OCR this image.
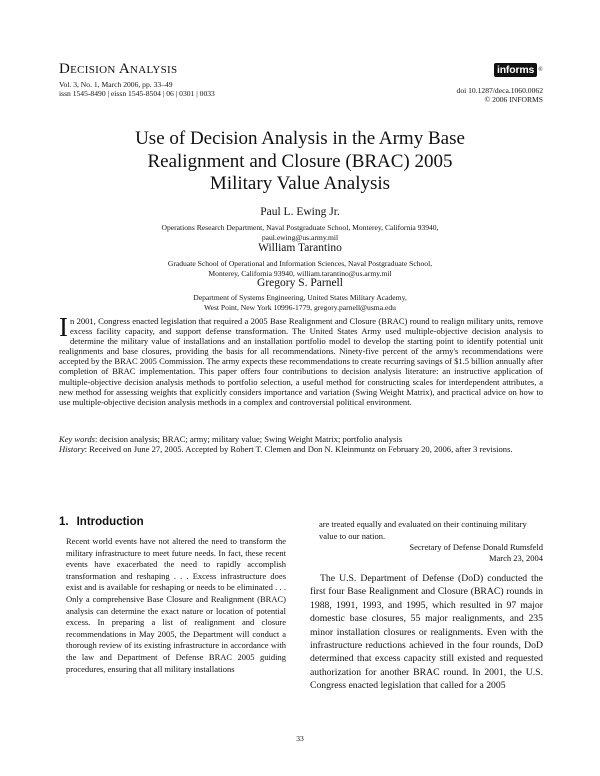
Decision Analysis
Vol. 3, No. 1, March 2006, pp. 33–49
issn 1545-8490 | eissn 1545-8504 | 06 | 0301 | 0033
informs ®
doi 10.1287/deca.1060.0062
© 2006 INFORMS
Use of Decision Analysis in the Army Base
Realignment and Closure (BRAC) 2005
Military Value Analysis
Paul L. Ewing Jr.
Operations Research Department, Naval Postgraduate School, Monterey, California 93940,
paul.ewing@us.army.mil
William Tarantino
Graduate School of Operational and Information Sciences, Naval Postgraduate School,
Monterey, California 93940, william.tarantino@us.army.mil
Gregory S. Parnell
Department of Systems Engineering, United States Military Academy,
West Point, New York 10996-1779, gregory.parnell@usma.edu
In 2001, Congress enacted legislation that required a 2005 Base Realignment and Closure (BRAC) round to realign military units, remove excess facility capacity, and support defense transformation. The United States Army used multiple-objective decision analysis to determine the military value of installations and an installation portfolio model to develop the starting point to identify potential unit realignments and base closures, providing the basis for all recommendations. Ninety-five percent of the army's recommendations were accepted by the BRAC 2005 Commission. The army expects these recommendations to create recurring savings of $1.5 billion annually after completion of BRAC implementation. This paper offers four contributions to decision analysis literature: an instructive application of multiple-objective decision analysis methods to portfolio selection, a useful method for constructing scales for interdependent attributes, a new method for assessing weights that explicitly considers importance and variation (Swing Weight Matrix), and practical advice on how to use multiple-objective decision analysis methods in a complex and controversial political environment.
Key words: decision analysis; BRAC; army; military value; Swing Weight Matrix; portfolio analysis
History: Received on June 27, 2005. Accepted by Robert T. Clemen and Don N. Kleinmuntz on February 20, 2006, after 3 revisions.
1. Introduction
Recent world events have not altered the need to transform the military infrastructure to meet future needs. In fact, these recent events have exacerbated the need to rapidly accomplish transformation and reshaping . . . Excess infrastructure does exist and is available for reshaping or needs to be eliminated . . . Only a comprehensive Base Closure and Realignment (BRAC) analysis can determine the exact nature or location of potential excess. In preparing a list of realignment and closure recommendations in May 2005, the Department will conduct a thorough review of its existing infrastructure in accordance with the law and Department of Defense BRAC 2005 guiding procedures, ensuring that all military installations
are treated equally and evaluated on their continuing military value to our nation.
Secretary of Defense Donald Rumsfeld
March 23, 2004
The U.S. Department of Defense (DoD) conducted the first four Base Realignment and Closure (BRAC) rounds in 1988, 1991, 1993, and 1995, which resulted in 97 major domestic base closures, 55 major realignments, and 235 minor installation closures or realignments. Even with the infrastructure reductions achieved in the four rounds, DoD determined that excess capacity still existed and requested authorization for another BRAC round. In 2001, the U.S. Congress enacted legislation that called for a 2005
33
